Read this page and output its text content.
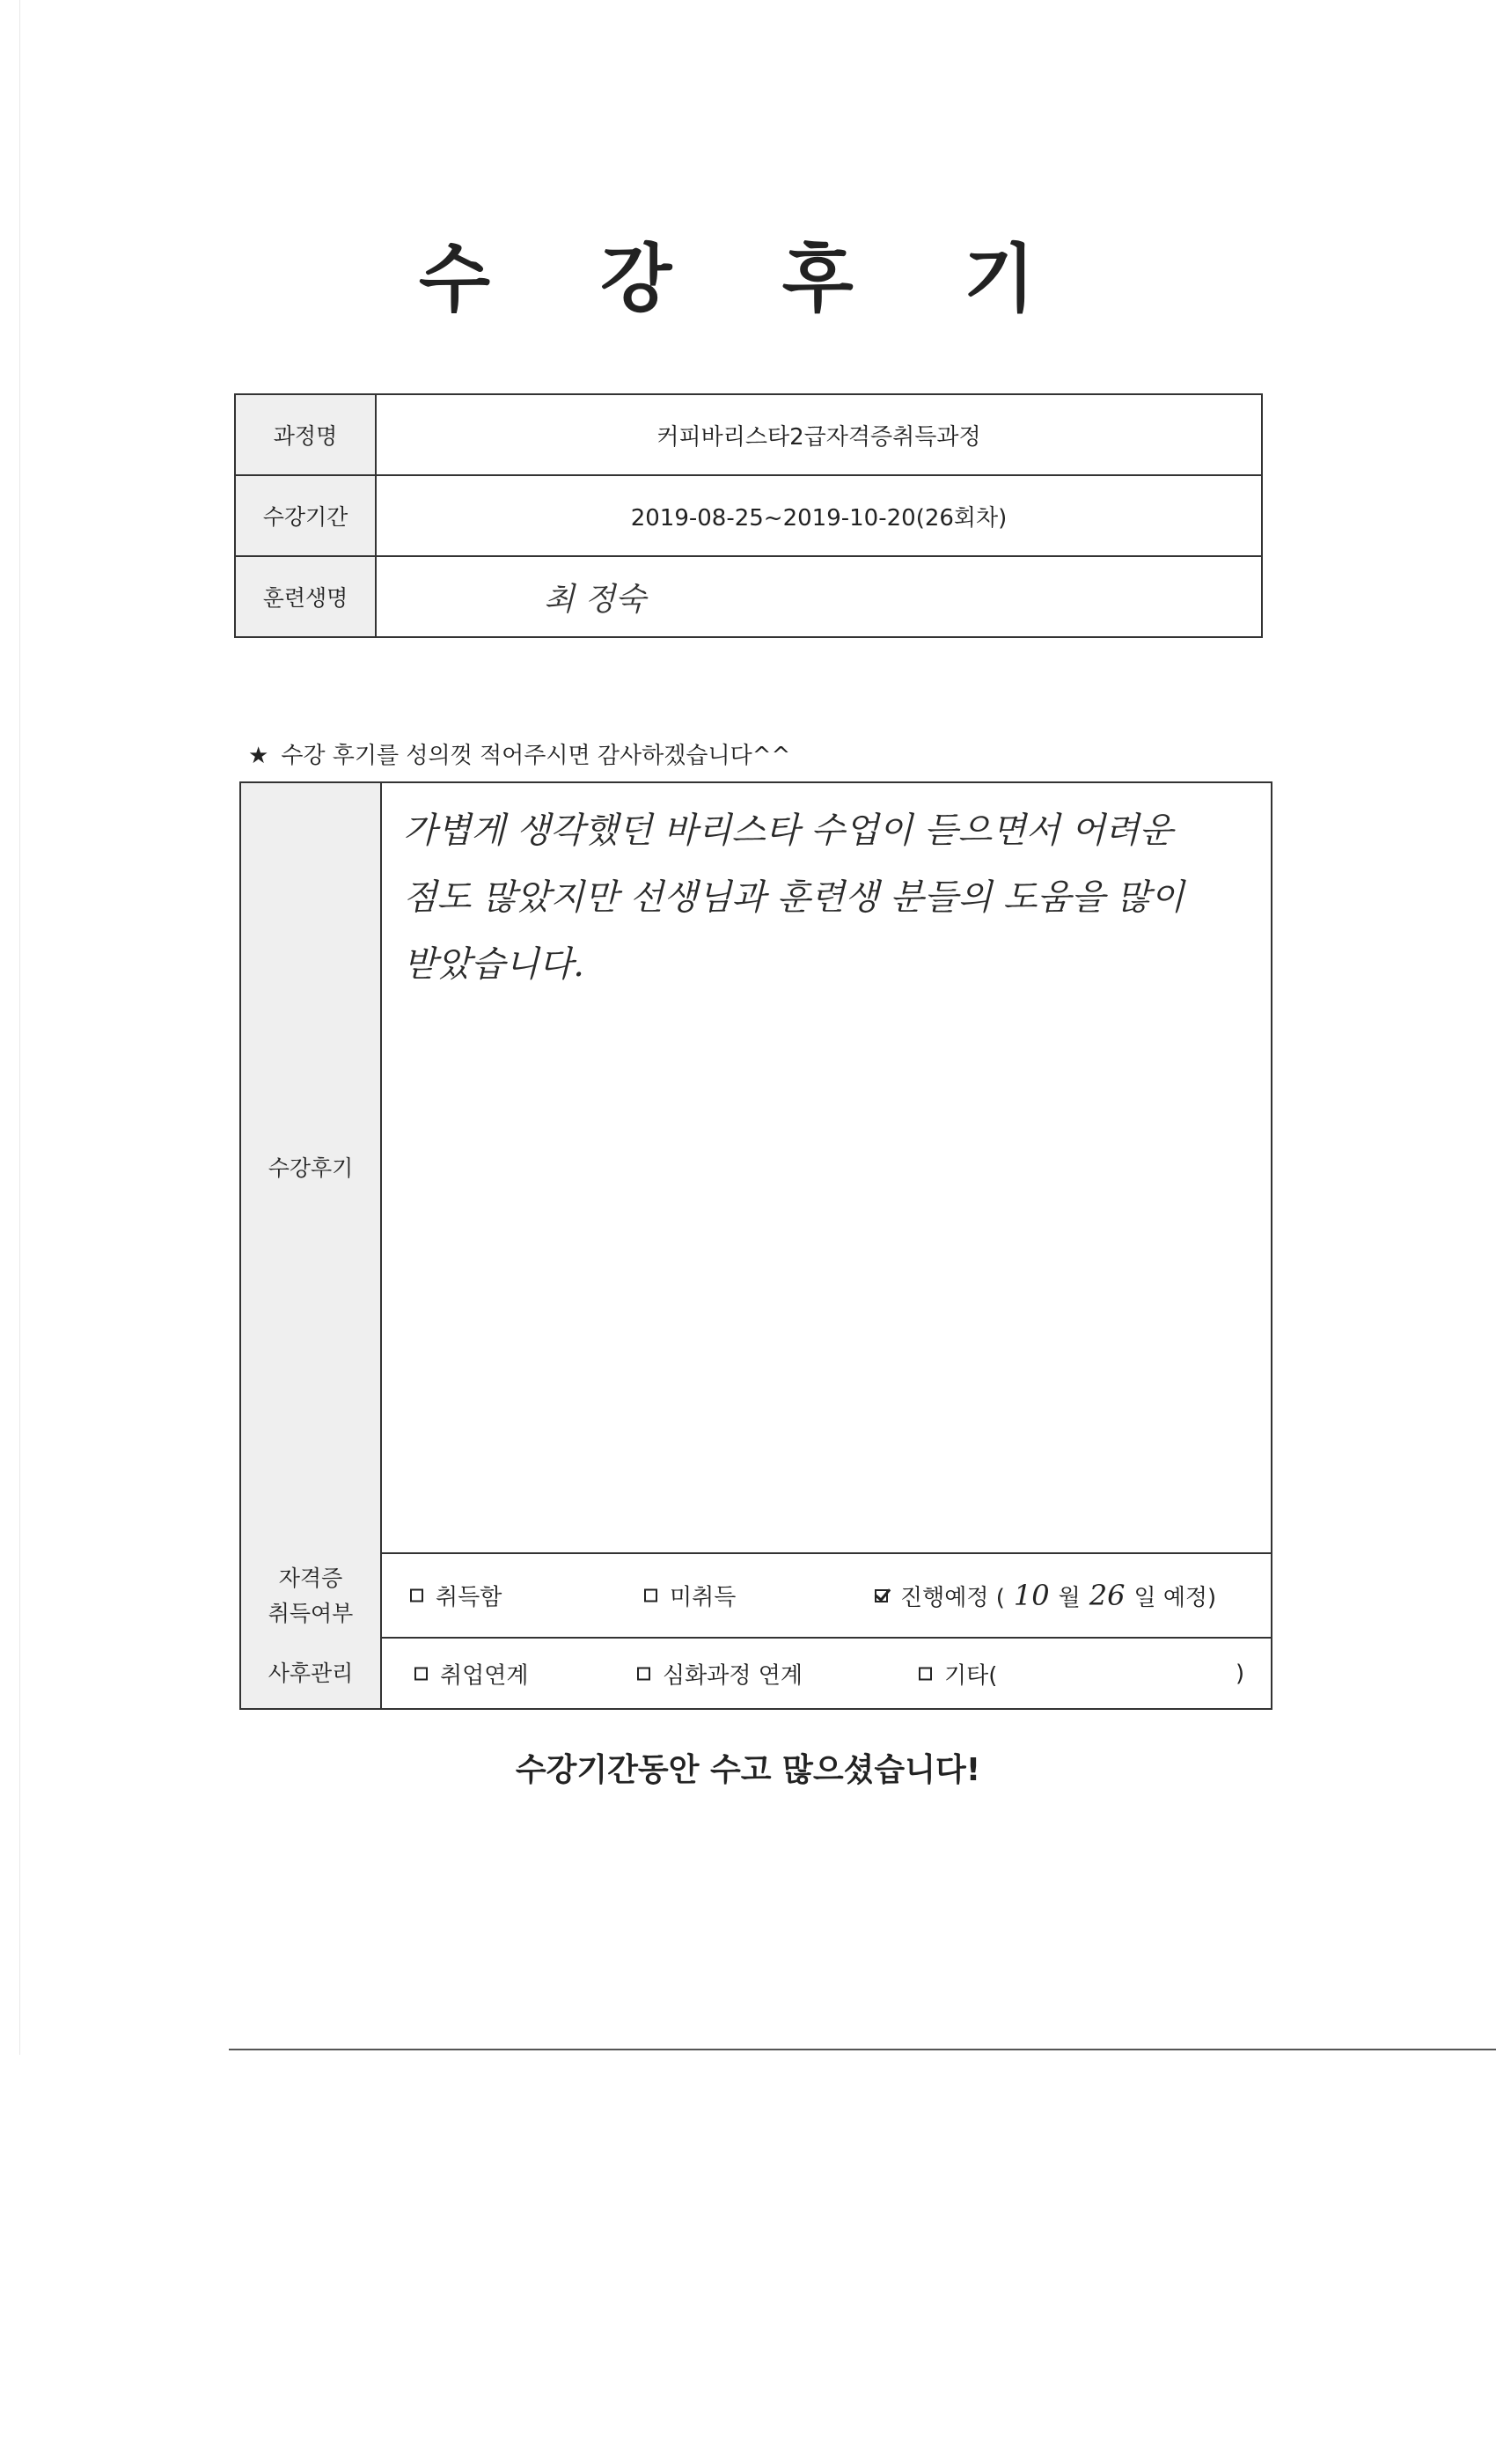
수 강 후 기
과정명	커피바리스타2급자격증취득과정
수강기간	2019-08-25~2019-10-20(26회차)
훈련생명	최 정숙
★ 수강 후기를 성의껏 적어주시면 감사하겠습니다^^
수강후기
가볍게 생각했던 바리스타 수업이 듣으면서 어려운
점도 많았지만 선생님과 훈련생 분들의 도움을 많이
받았습니다.
자격증
취득여부
취득함	미취득	진행예정 ( 10 월 26 일 예정)
사후관리	취업연계	심화과정 연계	기타(	)
수강기간동안 수고 많으셨습니다!
